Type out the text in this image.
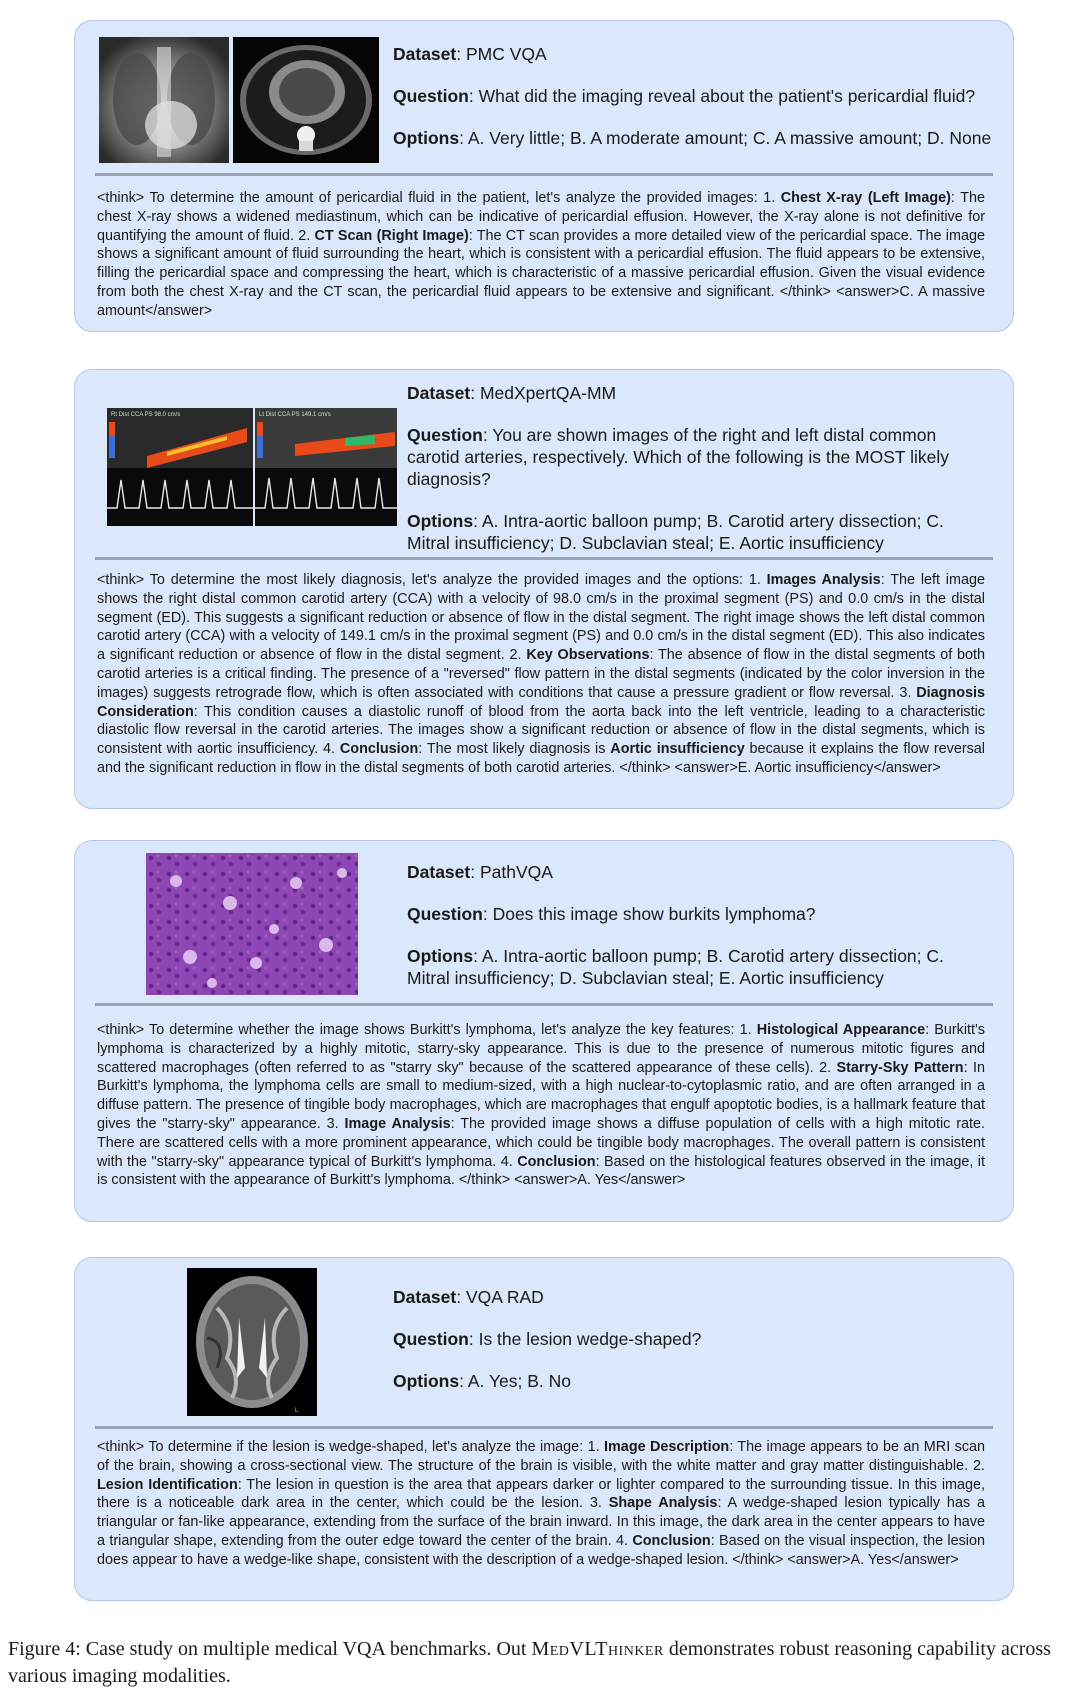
Dataset: PMC VQA

Question: What did the imaging reveal about the patient's pericardial fluid?

Options: A. Very little; B. A moderate amount; C. A massive amount; D. None

<think> To determine the amount of pericardial fluid in the patient, let's analyze the provided images: 1. Chest X-ray (Left Image): The chest X-ray shows a widened mediastinum, which can be indicative of pericardial effusion. However, the X-ray alone is not definitive for quantifying the amount of fluid. 2. CT Scan (Right Image): The CT scan provides a more detailed view of the pericardial space. The image shows a significant amount of fluid surrounding the heart, which is consistent with a pericardial effusion. The fluid appears to be extensive, filling the pericardial space and compressing the heart, which is characteristic of a massive pericardial effusion. Given the visual evidence from both the chest X-ray and the CT scan, the pericardial fluid appears to be extensive and significant. </think> <answer>C. A massive amount</answer>
Rt Dist CCA PS 98.0 cm/s	Lt Dist CCA PS 149.1 cm/s

Dataset: MedXpertQA-MM

Question: You are shown images of the right and left distal common carotid arteries, respectively. Which of the following is the MOST likely diagnosis?

Options: A. Intra-aortic balloon pump; B. Carotid artery dissection; C. Mitral insufficiency; D. Subclavian steal; E. Aortic insufficiency

<think> To determine the most likely diagnosis, let's analyze the provided images and the options: 1. Images Analysis: The left image shows the right distal common carotid artery (CCA) with a velocity of 98.0 cm/s in the proximal segment (PS) and 0.0 cm/s in the distal segment (ED). This suggests a significant reduction or absence of flow in the distal segment. The right image shows the left distal common carotid artery (CCA) with a velocity of 149.1 cm/s in the proximal segment (PS) and 0.0 cm/s in the distal segment (ED). This also indicates a significant reduction or absence of flow in the distal segment. 2. Key Observations: The absence of flow in the distal segments of both carotid arteries is a critical finding. The presence of a "reversed" flow pattern in the distal segments (indicated by the color inversion in the images) suggests retrograde flow, which is often associated with conditions that cause a pressure gradient or flow reversal. 3. Diagnosis Consideration: This condition causes a diastolic runoff of blood from the aorta back into the left ventricle, leading to a characteristic diastolic flow reversal in the carotid arteries. The images show a significant reduction or absence of flow in the distal segments, which is consistent with aortic insufficiency. 4. Conclusion: The most likely diagnosis is Aortic insufficiency because it explains the flow reversal and the significant reduction in flow in the distal segments of both carotid arteries. </think> <answer>E. Aortic insufficiency</answer>

Dataset: PathVQA

Question: Does this image show burkits lymphoma?

Options: A. Intra-aortic balloon pump; B. Carotid artery dissection; C. Mitral insufficiency; D. Subclavian steal; E. Aortic insufficiency

<think> To determine whether the image shows Burkitt's lymphoma, let's analyze the key features: 1. Histological Appearance: Burkitt's lymphoma is characterized by a highly mitotic, starry-sky appearance. This is due to the presence of numerous mitotic figures and scattered macrophages (often referred to as "starry sky" because of the scattered appearance of these cells). 2. Starry-Sky Pattern: In Burkitt's lymphoma, the lymphoma cells are small to medium-sized, with a high nuclear-to-cytoplasmic ratio, and are often arranged in a diffuse pattern. The presence of tingible body macrophages, which are macrophages that engulf apoptotic bodies, is a hallmark feature that gives the "starry-sky" appearance. 3. Image Analysis: The provided image shows a diffuse population of cells with a high mitotic rate. There are scattered cells with a more prominent appearance, which could be tingible body macrophages. The overall pattern is consistent with the "starry-sky" appearance typical of Burkitt's lymphoma. 4. Conclusion: Based on the histological features observed in the image, it is consistent with the appearance of Burkitt's lymphoma. </think> <answer>A. Yes</answer>
L

Dataset: VQA RAD

Question: Is the lesion wedge-shaped?

Options: A. Yes; B. No

<think> To determine if the lesion is wedge-shaped, let's analyze the image: 1. Image Description: The image appears to be an MRI scan of the brain, showing a cross-sectional view. The structure of the brain is visible, with the white matter and gray matter distinguishable. 2. Lesion Identification: The lesion in question is the area that appears darker or lighter compared to the surrounding tissue. In this image, there is a noticeable dark area in the center, which could be the lesion. 3. Shape Analysis: A wedge-shaped lesion typically has a triangular or fan-like appearance, extending from the surface of the brain inward. In this image, the dark area in the center appears to have a triangular shape, extending from the outer edge toward the center of the brain. 4. Conclusion: Based on the visual inspection, the lesion does appear to have a wedge-like shape, consistent with the description of a wedge-shaped lesion. </think> <answer>A. Yes</answer>
Figure 4: Case study on multiple medical VQA benchmarks. Out MedVLThinker demonstrates robust reasoning capability across various imaging modalities.
